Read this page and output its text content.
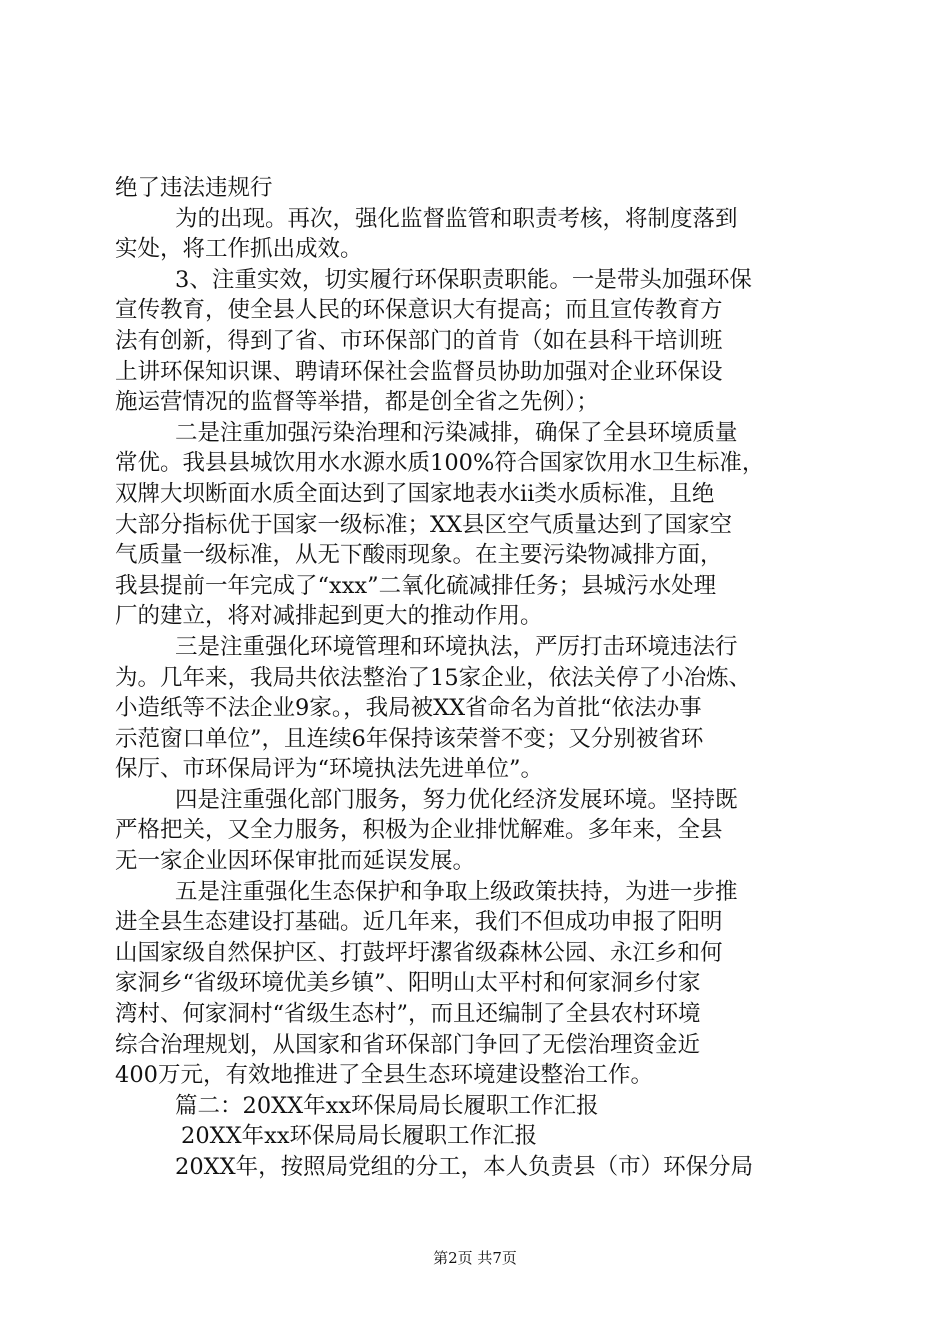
绝了违法违规行
为的出现。再次，强化监督监管和职责考核，将制度落到
实处，将工作抓出成效。
3、注重实效，切实履行环保职责职能。一是带头加强环保
宣传教育，使全县人民的环保意识大有提高；而且宣传教育方
法有创新，得到了省、市环保部门的首肯（如在县科干培训班
上讲环保知识课、聘请环保社会监督员协助加强对企业环保设
施运营情况的监督等举措，都是创全省之先例）；
二是注重加强污染治理和污染减排，确保了全县环境质量
常优。我县县城饮用水水源水质100%符合国家饮用水卫生标准，
双牌大坝断面水质全面达到了国家地表水ii类水质标准，且绝
大部分指标优于国家一级标准；XX县区空气质量达到了国家空
气质量一级标准，从无下酸雨现象。在主要污染物减排方面，
我县提前一年完成了“xxx”二氧化硫减排任务；县城污水处理
厂的建立，将对减排起到更大的推动作用。
三是注重强化环境管理和环境执法，严厉打击环境违法行
为。几年来，我局共依法整治了15家企业，依法关停了小冶炼、
小造纸等不法企业9家。，我局被XX省命名为首批“依法办事
示范窗口单位”，且连续6年保持该荣誉不变；又分别被省环
保厅、市环保局评为“环境执法先进单位”。
四是注重强化部门服务，努力优化经济发展环境。坚持既
严格把关，又全力服务，积极为企业排忧解难。多年来，全县
无一家企业因环保审批而延误发展。
五是注重强化生态保护和争取上级政策扶持，为进一步推
进全县生态建设打基础。近几年来，我们不但成功申报了阳明
山国家级自然保护区、打鼓坪圩潔省级森林公园、永江乡和何
家洞乡“省级环境优美乡镇”、阳明山太平村和何家洞乡付家
湾村、何家洞村“省级生态村”，而且还编制了全县农村环境
综合治理规划，从国家和省环保部门争回了无偿治理资金近
400万元，有效地推进了全县生态环境建设整治工作。
篇二：20XX年xx环保局局长履职工作汇报
20XX年xx环保局局长履职工作汇报
20XX年，按照局党组的分工，本人负责县（市）环保分局
第2页 共7页
